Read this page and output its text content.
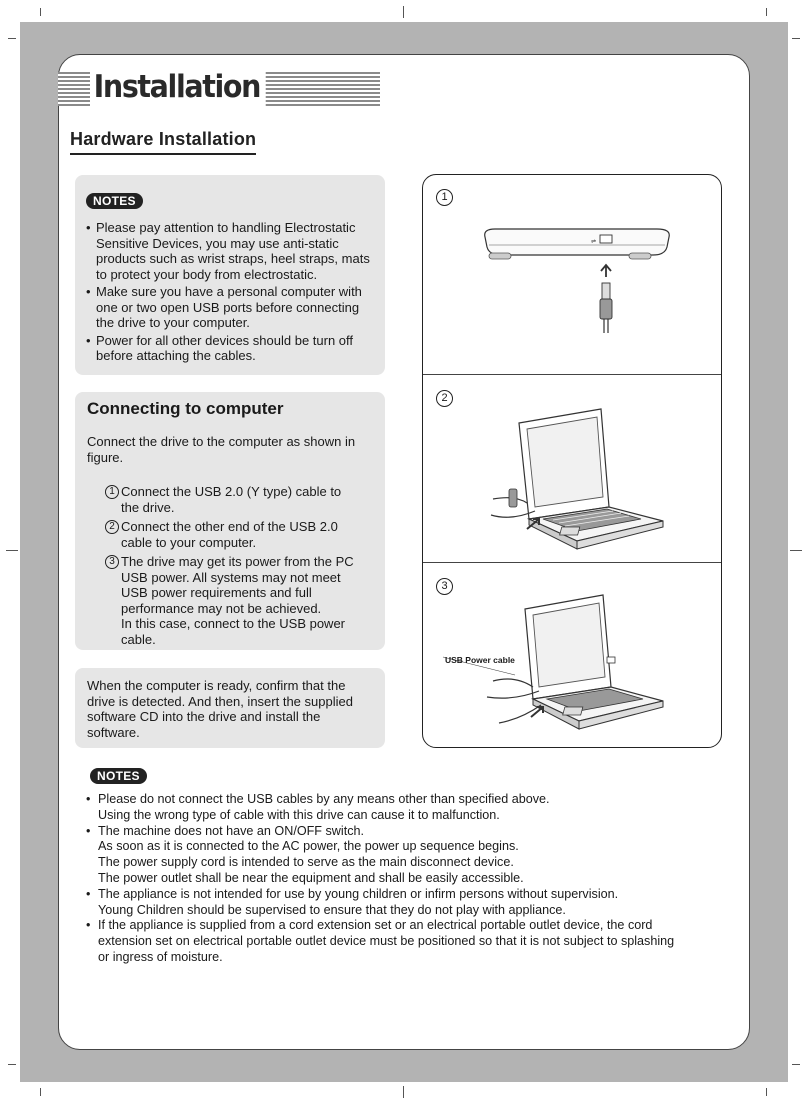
Installation
Hardware Installation
NOTES
• Please pay attention to handling Electrostatic
Sensitive Devices, you may use anti-static
products such as wrist straps, heel straps, mats
to protect your body from electrostatic.
• Make sure you have a personal computer with
one or two open USB ports before connecting
the drive to your computer.
• Power for all other devices should be turn off
before attaching the cables.
Connecting to computer
Connect the drive to the computer as shown in
figure.
1 Connect the USB 2.0 (Y type) cable to
the drive.
2 Connect the other end of the USB 2.0
cable to your computer.
3 The drive may get its power from the PC
USB power. All systems may not meet
USB power requirements and full
performance may not be achieved.
In this case, connect to the USB power
cable.
When the computer is ready, confirm that the
drive is detected. And then, insert the supplied
software CD into the drive and install the
software.
1
2
3
⇌
USB Power cable
NOTES
• Please do not connect the USB cables by any means other than specified above.
Using the wrong type of cable with this drive can cause it to malfunction.
• The machine does not have an ON/OFF switch.
As soon as it is connected to the AC power, the power up sequence begins.
The power supply cord is intended to serve as the main disconnect device.
The power outlet shall be near the equipment and shall be easily accessible.
• The appliance is not intended for use by young children or infirm persons without supervision.
Young Children should be supervised to ensure that they do not play with appliance.
• If the appliance is supplied from a cord extension set or an electrical portable outlet device, the cord
extension set on electrical portable outlet device must be positioned so that it is not subject to splashing
or ingress of moisture.
